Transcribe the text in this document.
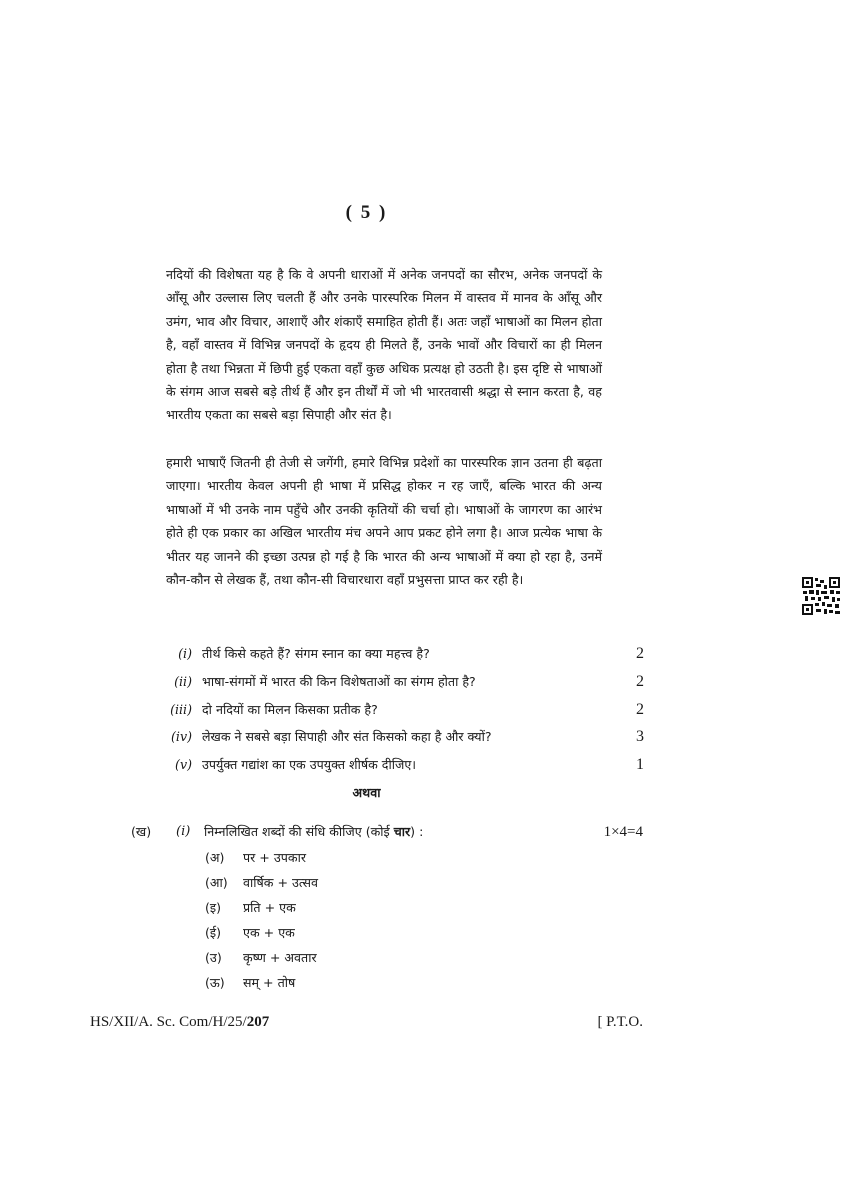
( 5 )
नदियों की विशेषता यह है कि वे अपनी धाराओं में अनेक जनपदों का सौरभ, अनेक जनपदों के आँसू और उल्लास लिए चलती हैं और उनके पारस्परिक मिलन में वास्तव में मानव के आँसू और उमंग, भाव और विचार, आशाएँ और शंकाएँ समाहित होती हैं। अतः जहाँ भाषाओं का मिलन होता है, वहाँ वास्तव में विभिन्न जनपदों के हृदय ही मिलते हैं, उनके भावों और विचारों का ही मिलन होता है तथा भिन्नता में छिपी हुई एकता वहाँ कुछ अधिक प्रत्यक्ष हो उठती है। इस दृष्टि से भाषाओं के संगम आज सबसे बड़े तीर्थ हैं और इन तीर्थों में जो भी भारतवासी श्रद्धा से स्नान करता है, वह भारतीय एकता का सबसे बड़ा सिपाही और संत है।
हमारी भाषाएँ जितनी ही तेजी से जगेंगी, हमारे विभिन्न प्रदेशों का पारस्परिक ज्ञान उतना ही बढ़ता जाएगा। भारतीय केवल अपनी ही भाषा में प्रसिद्ध होकर न रह जाएँ, बल्कि भारत की अन्य भाषाओं में भी उनके नाम पहुँचे और उनकी कृतियों की चर्चा हो। भाषाओं के जागरण का आरंभ होते ही एक प्रकार का अखिल भारतीय मंच अपने आप प्रकट होने लगा है। आज प्रत्येक भाषा के भीतर यह जानने की इच्छा उत्पन्न हो गई है कि भारत की अन्य भाषाओं में क्या हो रहा है, उनमें कौन-कौन से लेखक हैं, तथा कौन-सी विचारधारा वहाँ प्रभुसत्ता प्राप्त कर रही है।
(i) तीर्थ किसे कहते हैं? संगम स्नान का क्या महत्त्व है?	2
(ii) भाषा-संगमों में भारत की किन विशेषताओं का संगम होता है?	2
(iii) दो नदियों का मिलन किसका प्रतीक है?	2
(iv) लेखक ने सबसे बड़ा सिपाही और संत किसको कहा है और क्यों?	3
(v) उपर्युक्त गद्यांश का एक उपयुक्त शीर्षक दीजिए।	1
अथवा
(ख) (i) निम्नलिखित शब्दों की संधि कीजिए (कोई चार) :	1×4=4
(अ) पर + उपकार
(आ) वार्षिक + उत्सव
(इ) प्रति + एक
(ई) एक + एक
(उ) कृष्ण + अवतार
(ऊ) सम् + तोष
HS/XII/A. Sc. Com/H/25/207	[ P.T.O.
